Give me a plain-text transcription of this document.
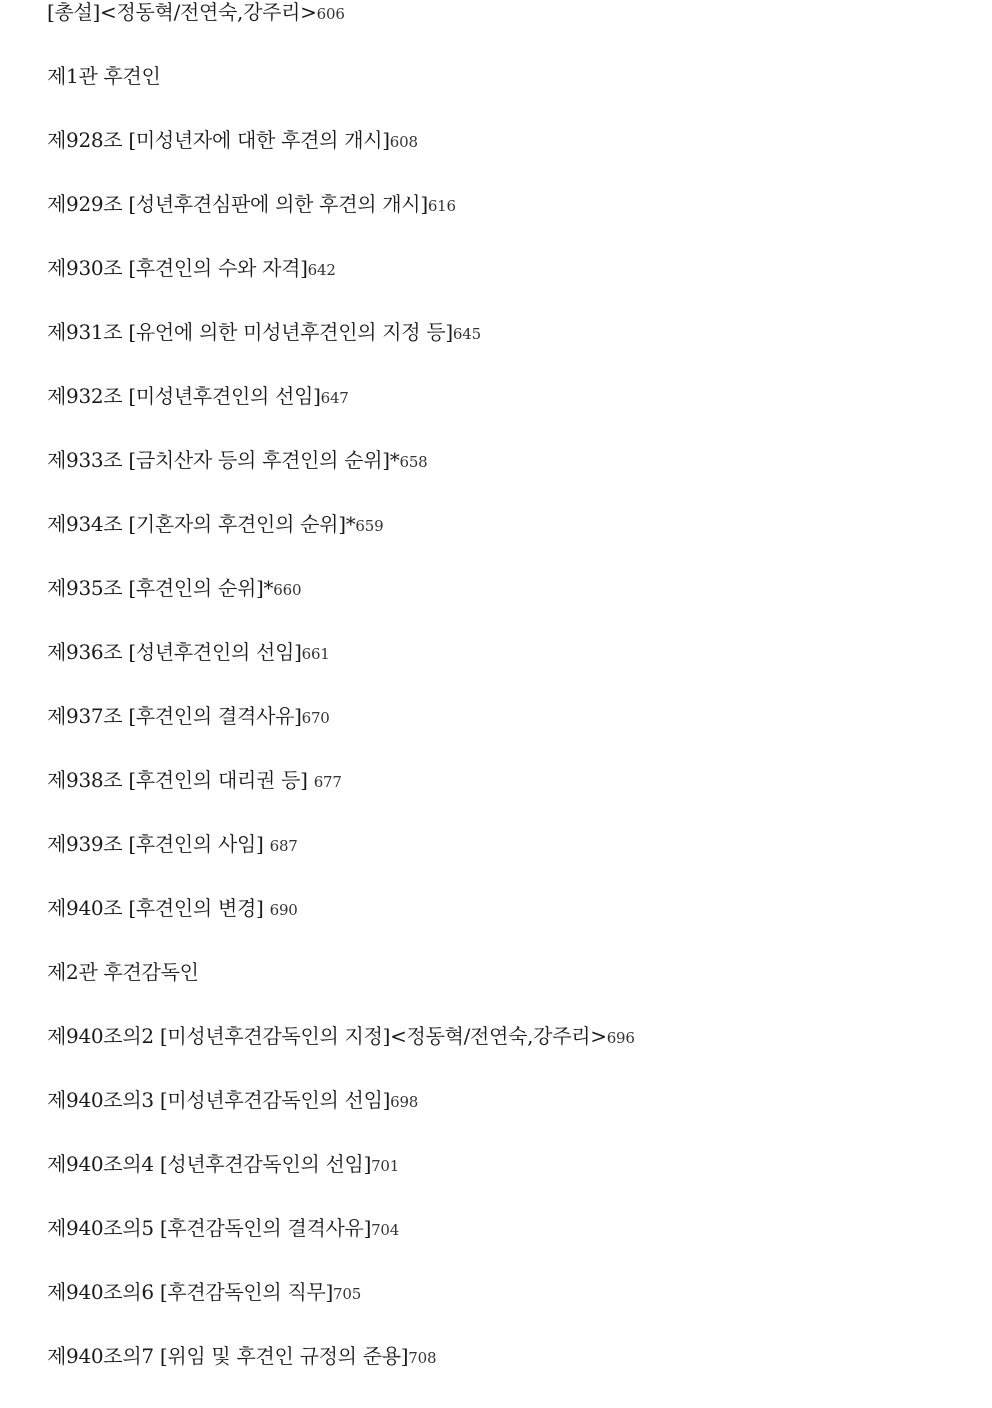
[총설]<정동혁/전연숙,강주리>606
제1관 후견인
제928조 [미성년자에 대한 후견의 개시]608
제929조 [성년후견심판에 의한 후견의 개시]616
제930조 [후견인의 수와 자격]642
제931조 [유언에 의한 미성년후견인의 지정 등]645
제932조 [미성년후견인의 선임]647
제933조 [금치산자 등의 후견인의 순위]*658
제934조 [기혼자의 후견인의 순위]*659
제935조 [후견인의 순위]*660
제936조 [성년후견인의 선임]661
제937조 [후견인의 결격사유]670
제938조 [후견인의 대리권 등] 677
제939조 [후견인의 사임] 687
제940조 [후견인의 변경] 690
제2관 후견감독인
제940조의2 [미성년후견감독인의 지정]<정동혁/전연숙,강주리>696
제940조의3 [미성년후견감독인의 선임]698
제940조의4 [성년후견감독인의 선임]701
제940조의5 [후견감독인의 결격사유]704
제940조의6 [후견감독인의 직무]705
제940조의7 [위임 및 후견인 규정의 준용]708
